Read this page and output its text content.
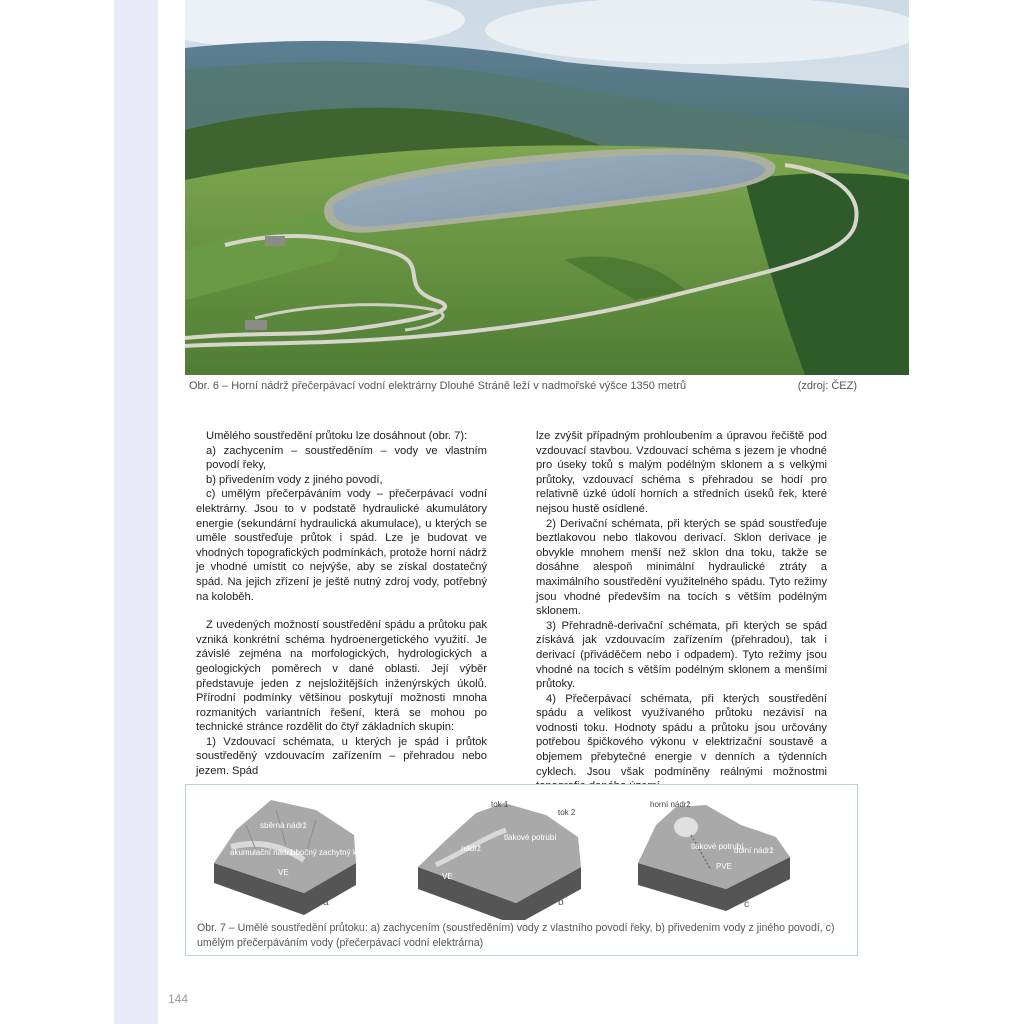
Obr. 6 – Horní nádrž přečerpávací vodní elektrárny Dlouhé Stráně leží v nadmořské výšce 1350 metrů	(zdroj: ČEZ)

Umělého soustředění průtoku lze dosáhnout (obr. 7):

a) zachycením – soustředěním – vody ve vlastním povodí řeky,

b) přivedením vody z jiného povodí,

c) umělým přečerpáváním vody – přečerpávací vodní elektrárny. Jsou to v podstatě hydraulické akumulátory energie (sekundární hydraulická akumulace), u kterých se uměle soustřeďuje průtok i spád. Lze je budovat ve vhodných topografických podmínkách, protože horní nádrž je vhodné umístit co nejvýše, aby se získal dostatečný spád. Na jejich zřízení je ještě nutný zdroj vody, potřebný na koloběh.

Z uvedených možností soustředění spádu a průtoku pak vzniká konkrétní schéma hydroenergetického využití. Je závislé zejména na morfologických, hydrologických a geologických poměrech v dané oblasti. Její výběr představuje jeden z nejsložitějších inženýrských úkolů. Přírodní podmínky většinou poskytují možnosti mnoha rozmanitých variantních řešení, která se mohou po technické stránce rozdělit do čtyř základních skupin:

1) Vzdouvací schémata, u kterých je spád i průtok soustředěný vzdouvacím zařízením – přehradou nebo jezem. Spád

lze zvýšit případným prohloubením a úpravou řečiště pod vzdouvací stavbou. Vzdouvací schéma s jezem je vhodné pro úseky toků s malým podélným sklonem a s velkými průtoky, vzdouvací schéma s přehradou se hodí pro relativně úzké údolí horních a středních úseků řek, které nejsou hustě osídlené.

2) Derivační schémata, při kterých se spád soustřeďuje beztlakovou nebo tlakovou derivací. Sklon derivace je obvykle mnohem menší než sklon dna toku, takže se dosáhne alespoň minimální hydraulické ztráty a maximálního soustředění využitelného spádu. Tyto režimy jsou vhodné především na tocích s větším podélným sklonem.

3) Přehradně-derivační schémata, při kterých se spád získává jak vzdouvacím zařízením (přehradou), tak i derivací (přiváděčem nebo i odpadem). Tyto režimy jsou vhodné na tocích s větším podélným sklonem a menšími průtoky.

4) Přečerpávací schémata, při kterých soustředění spádu a velikost využívaného průtoku nezávisí na vodnosti toku. Hodnoty spádu a průtoku jsou určovány potřebou špičkového výkonu v elektrizační soustavě a objemem přebytečné energie v denních a týdenních cyklech. Jsou však podmíněny reálnými možnostmi

sběrná nádrž
akumulační nádrž
ubočný zachytný kanál
VE
a
tok 1
tok 2
nádrž
tlakové potrubí
VE
b
horní nádrž
tlakové potrubí
dolní nádrž
PVE
c
Obr. 7 – Umělé soustředění průtoku: a) zachycením (soustředěním) vody z vlastního povodí řeky, b) přivedením vody z jiného povodí, c) umělým přečerpáváním vody (přečerpávací vodní elektrárna)
144
